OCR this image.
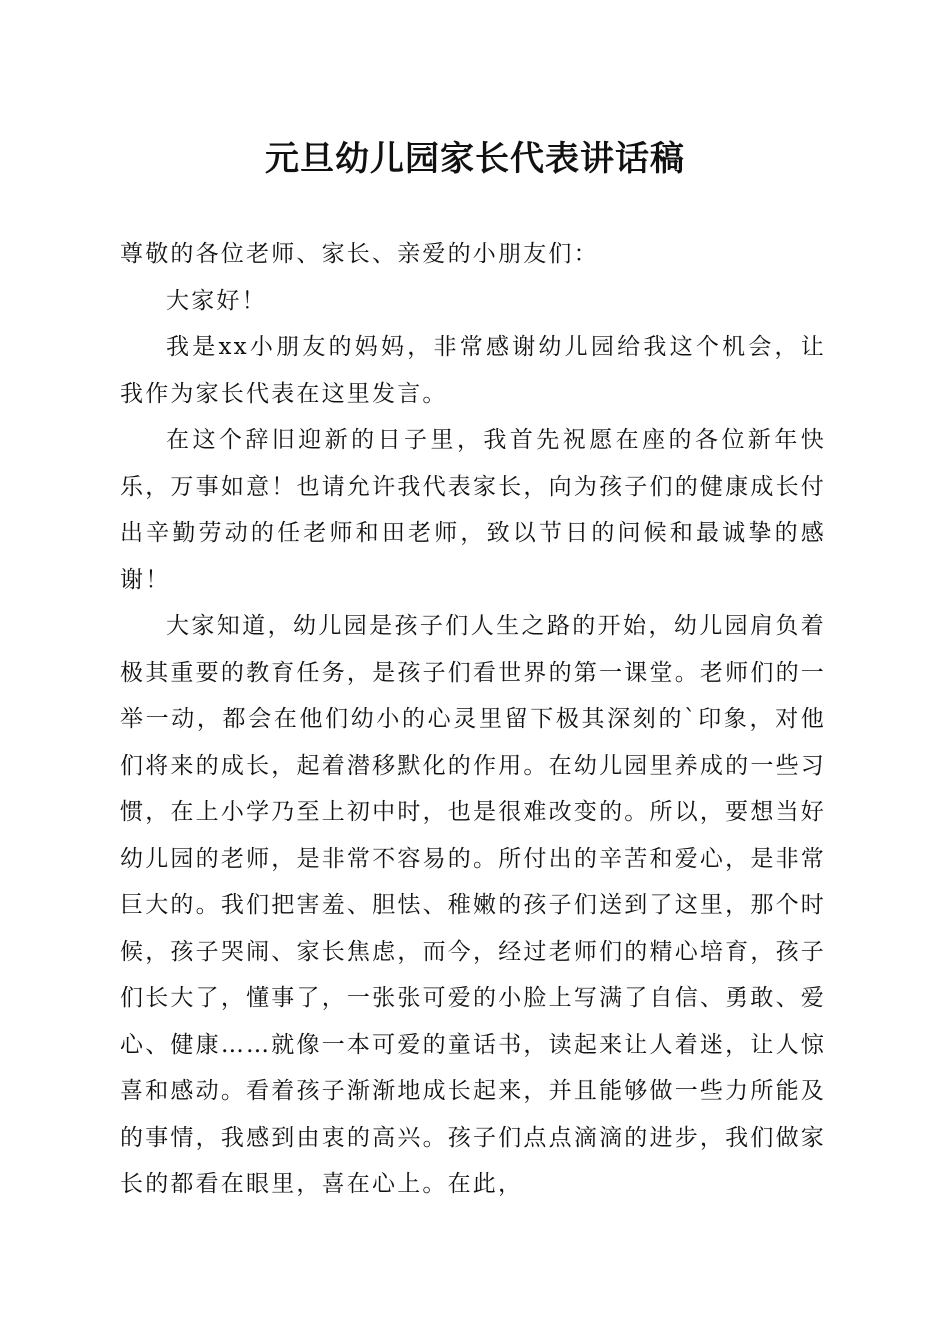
元旦幼儿园家长代表讲话稿

尊敬的各位老师、家长、亲爱的小朋友们：

大家好！

我是xx小朋友的妈妈，非常感谢幼儿园给我这个机会，让我作为家长代表在这里发言。

在这个辞旧迎新的日子里，我首先祝愿在座的各位新年快乐，万事如意！也请允许我代表家长，向为孩子们的健康成长付出辛勤劳动的任老师和田老师，致以节日的问候和最诚挚的感谢！

大家知道，幼儿园是孩子们人生之路的开始，幼儿园肩负着极其重要的教育任务，是孩子们看世界的第一课堂。老师们的一举一动，都会在他们幼小的心灵里留下极其深刻的`印象，对他们将来的成长，起着潜移默化的作用。在幼儿园里养成的一些习惯，在上小学乃至上初中时，也是很难改变的。所以，要想当好幼儿园的老师，是非常不容易的。所付出的辛苦和爱心，是非常巨大的。我们把害羞、胆怯、稚嫩的孩子们送到了这里，那个时候，孩子哭闹、家长焦虑，而今，经过老师们的精心培育，孩子们长大了，懂事了，一张张可爱的小脸上写满了自信、勇敢、爱心、健康……就像一本可爱的童话书，读起来让人着迷，让人惊喜和感动。看着孩子渐渐地成长起来，并且能够做一些力所能及的事情，我感到由衷的高兴。孩子们点点滴滴的进步，我们做家长的都看在眼里，喜在心上。在此，
